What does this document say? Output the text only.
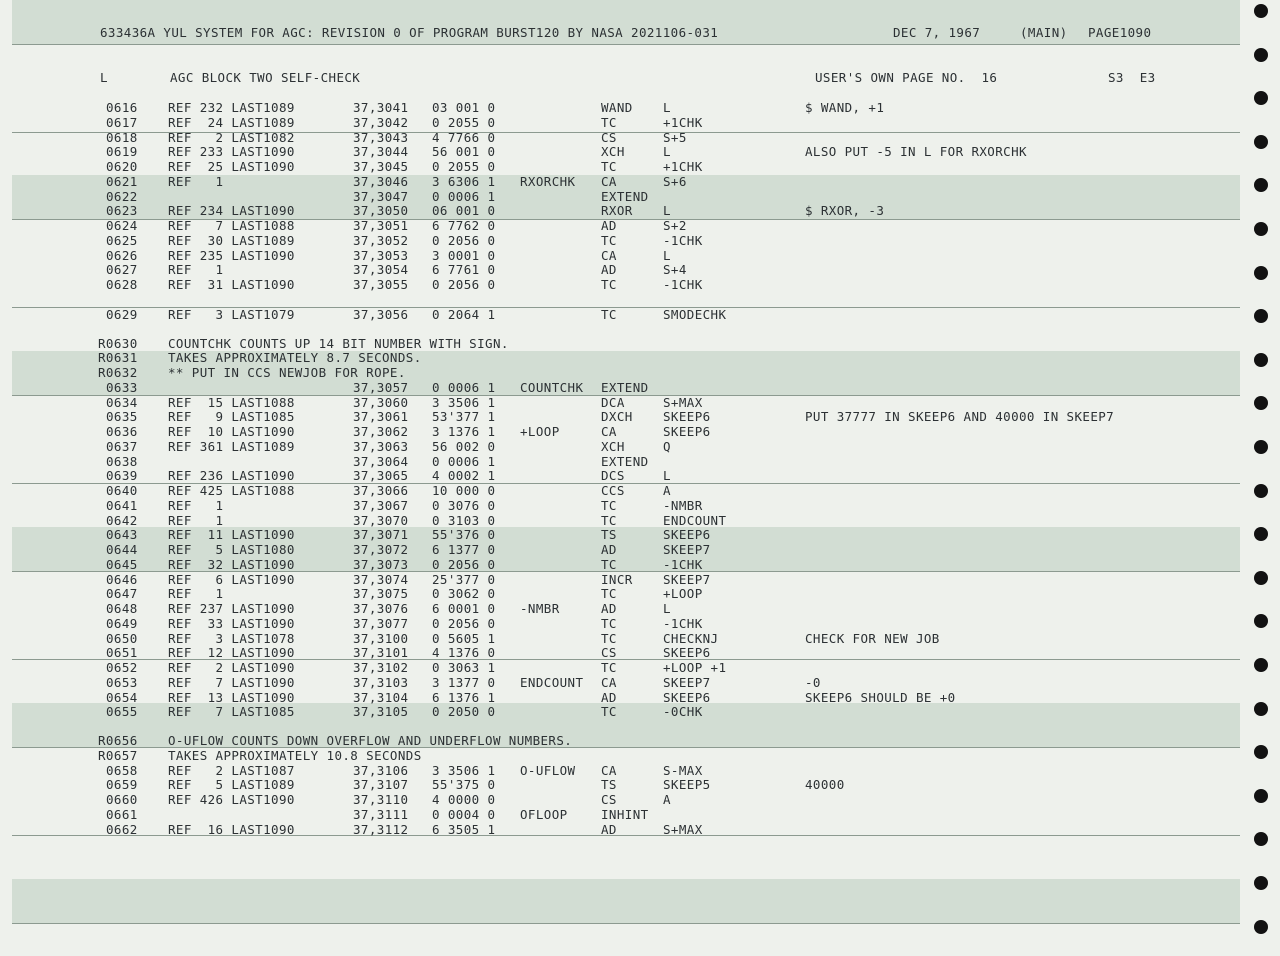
633436A YUL SYSTEM FOR AGC: REVISION 0 OF PROGRAM BURST120 BY NASA 2021106-031

	DEC 7, 1967

	(MAIN)

PAGE1090

L

	AGC BLOCK TWO SELF-CHECK

	USER'S OWN PAGE NO.  16

	S3  E3

0616 REF 232 LAST1089	37,3041 03 001 0	WAND L	$ WAND, +1
0617 REF  24 LAST1089	37,3042 0 2055 0	TC	+1CHK
0618 REF   2 LAST1082	37,3043 4 7766 0	CS	S+5
0619 REF 233 LAST1090	37,3044 56 001 0	XCH	L	ALSO PUT -5 IN L FOR RXORCHK
0620 REF  25 LAST1090	37,3045 0 2055 0	TC	+1CHK
0621 REF   1	37,3046 3 6306 1 RXORCHK CA	S+6
0622	37,3047 0 0006 1	EXTEND
0623 REF 234 LAST1090	37,3050 06 001 0	RXOR L	$ RXOR, -3
0624 REF   7 LAST1088	37,3051 6 7762 0	AD	S+2
0625 REF  30 LAST1089	37,3052 0 2056 0	TC	-1CHK
0626 REF 235 LAST1090	37,3053 3 0001 0	CA	L
0627 REF   1	37,3054 6 7761 0	AD	S+4
0628 REF  31 LAST1090	37,3055 0 2056 0	TC	-1CHK
0629 REF   3 LAST1079	37,3056 0 2064 1	TC	SMODECHK
R0630 COUNTCHK COUNTS UP 14 BIT NUMBER WITH SIGN.
R0631 TAKES APPROXIMATELY 8.7 SECONDS.
R0632 ** PUT IN CCS NEWJOB FOR ROPE.
0633	37,3057 0 0006 1 COUNTCHK EXTEND
0634 REF  15 LAST1088	37,3060 3 3506 1	DCA	S+MAX
0635 REF   9 LAST1085	37,3061 53'377 1	DXCH SKEEP6	PUT 37777 IN SKEEP6 AND 40000 IN SKEEP7
0636 REF  10 LAST1090	37,3062 3 1376 1 +LOOP	CA	SKEEP6
0637 REF 361 LAST1089	37,3063 56 002 0	XCH	Q
0638	37,3064 0 0006 1	EXTEND
0639 REF 236 LAST1090	37,3065 4 0002 1	DCS	L
0640 REF 425 LAST1088	37,3066 10 000 0	CCS	A
0641 REF   1	37,3067 0 3076 0	TC	-NMBR
0642 REF   1	37,3070 0 3103 0	TC	ENDCOUNT
0643 REF  11 LAST1090	37,3071 55'376 0	TS	SKEEP6
0644 REF   5 LAST1080	37,3072 6 1377 0	AD	SKEEP7
0645 REF  32 LAST1090	37,3073 0 2056 0	TC	-1CHK
0646 REF   6 LAST1090	37,3074 25'377 0	INCR SKEEP7
0647 REF   1	37,3075 0 3062 0	TC	+LOOP
0648 REF 237 LAST1090	37,3076 6 0001 0 -NMBR	AD	L
0649 REF  33 LAST1090	37,3077 0 2056 0	TC	-1CHK
0650 REF   3 LAST1078	37,3100 0 5605 1	TC	CHECKNJ	CHECK FOR NEW JOB
0651 REF  12 LAST1090	37,3101 4 1376 0	CS	SKEEP6
0652 REF   2 LAST1090	37,3102 0 3063 1	TC	+LOOP +1
0653 REF   7 LAST1090	37,3103 3 1377 0 ENDCOUNT CA	SKEEP7	-0
0654 REF  13 LAST1090	37,3104 6 1376 1	AD	SKEEP6	SKEEP6 SHOULD BE +0
0655 REF   7 LAST1085	37,3105 0 2050 0	TC	-0CHK
R0656 O-UFLOW COUNTS DOWN OVERFLOW AND UNDERFLOW NUMBERS.
R0657 TAKES APPROXIMATELY 10.8 SECONDS
0658 REF   2 LAST1087	37,3106 3 3506 1 O-UFLOW CA	S-MAX
0659 REF   5 LAST1089	37,3107 55'375 0	TS	SKEEP5	40000
0660 REF 426 LAST1090	37,3110 4 0000 0	CS	A
0661	37,3111 0 0004 0 OFLOOP	INHINT
0662 REF  16 LAST1090	37,3112 6 3505 1	AD	S+MAX
